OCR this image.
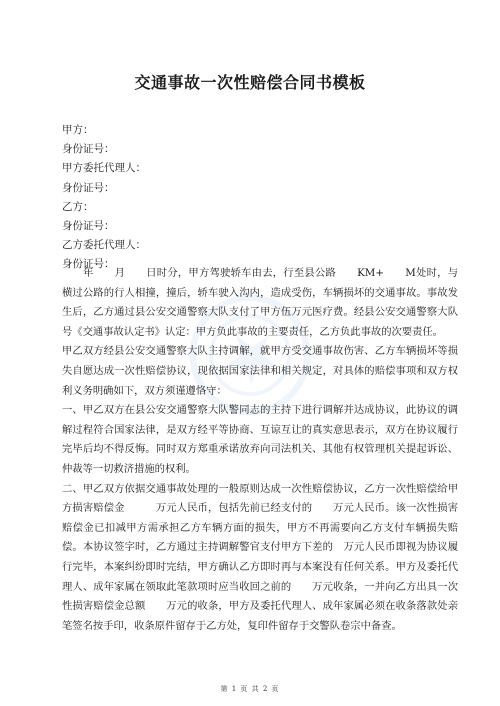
交通事故一次性赔偿合同书模板
甲方：
身份证号：
甲方委托代理人：
身份证号：
乙方：
身份证号：
乙方委托代理人：
身份证号：

年　　月　　日时分，甲方驾驶轿车由去，行至县公路　　KM+　　M处时，与横过公路的行人相撞，撞后，轿车驶入沟内，造成受伤，车辆损坏的交通事故。事故发生后，乙方通过县公安交通警察大队支付了甲方伍万元医疗费。经县公安交通警察大队号《交通事故认定书》认定：甲方负此事故的主要责任，乙方负此事故的次要责任。

甲乙双方经县公安交通警察大队主持调解，就甲方受交通事故伤害、乙方车辆损坏等损失自愿达成一次性赔偿协议，现依据国家法律和相关规定，对具体的赔偿事项和双方权利义务明确如下，双方须谨遵恪守：

一、甲乙双方在县公安交通警察大队警同志的主持下进行调解并达成协议，此协议的调解过程符合国家法律，是双方经平等协商、互谅互让的真实意思表示，双方在协议履行完毕后均不得反悔。同时双方郑重承诺放弃向司法机关、其他有权管理机关提起诉讼、仲裁等一切救济措施的权利。

二、甲乙双方依据交通事故处理的一般原则达成一次性赔偿协议，乙方一次性赔偿给甲方损害赔偿金　　　万元人民币，包括先前已经支付的　　万元人民币。该一次性损害赔偿金已扣减甲方需承担乙方车辆方面的损失，甲方不再需要向乙方支付车辆损失赔偿。本协议签字时，乙方通过主持调解警官支付甲方下差的　万元人民币即视为协议履行完毕，本案纠纷即时完结，甲方确认乙方即时再与本案没有任何关系。甲方及委托代理人、成年家属在领取此笔款项时应当收回之前的　　万元收条，一并向乙方出具一次性损害赔偿金总额　　万元的收条，甲方及委托代理人、成年家属必须在收条落款处亲笔签名按手印，收条原件留存于乙方处，复印件留存于交警队卷宗中备查。

第 1 页 共 2 页
